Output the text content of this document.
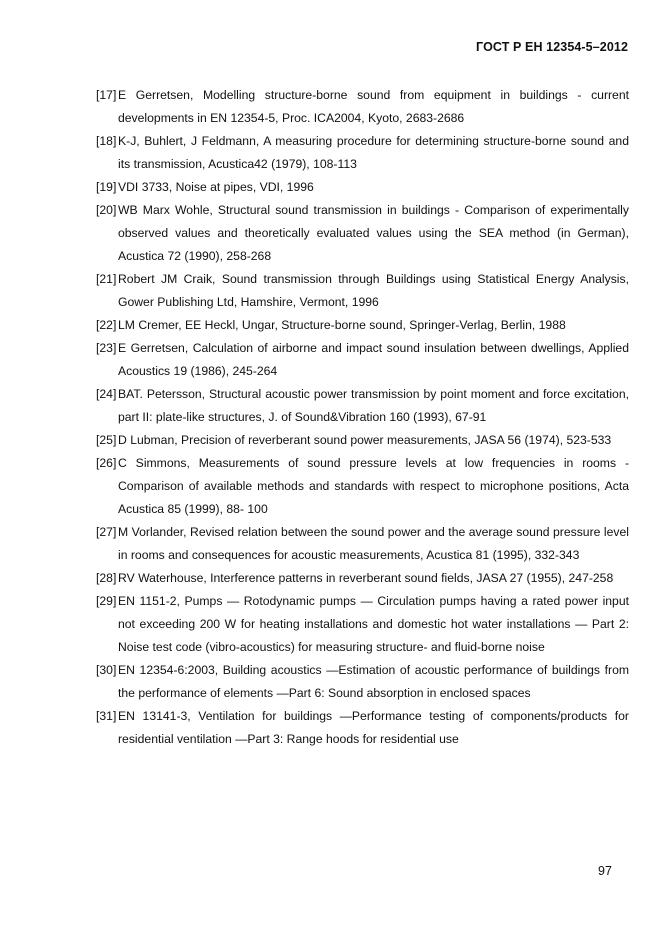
ГОСТ Р ЕН 12354-5–2012
[17] E Gerretsen, Modelling structure-borne sound from equipment in buildings - current developments in EN 12354-5, Proc. ICA2004, Kyoto, 2683-2686
[18] K-J, Buhlert, J Feldmann, A measuring procedure for determining structure-borne sound and its transmission, Acustica42 (1979), 108-113
[19] VDI 3733, Noise at pipes, VDI, 1996
[20] WB Marx Wohle, Structural sound transmission in buildings - Comparison of experimentally observed values and theoretically evaluated values using the SEA method (in German), Acustica 72 (1990), 258-268
[21] Robert JM Craik, Sound transmission through Buildings using Statistical Energy Analysis, Gower Publishing Ltd, Hamshire, Vermont, 1996
[22] LM Cremer, EE Heckl, Ungar, Structure-borne sound, Springer-Verlag, Berlin, 1988
[23] E Gerretsen, Calculation of airborne and impact sound insulation between dwellings, Applied Acoustics 19 (1986), 245-264
[24] BAT. Petersson, Structural acoustic power transmission by point moment and force excitation, part II: plate-like structures, J. of Sound&Vibration 160 (1993), 67-91
[25] D Lubman, Precision of reverberant sound power measurements, JASA 56 (1974), 523-533
[26] C Simmons, Measurements of sound pressure levels at low frequencies in rooms - Comparison of available methods and standards with respect to microphone positions, Acta Acustica 85 (1999), 88- 100
[27] M Vorlander, Revised relation between the sound power and the average sound pressure level in rooms and consequences for acoustic measurements, Acustica 81 (1995), 332-343
[28] RV Waterhouse, Interference patterns in reverberant sound fields, JASA 27 (1955), 247-258
[29] EN 1151-2, Pumps — Rotodynamic pumps — Circulation pumps having a rated power input not exceeding 200 W for heating installations and domestic hot water installations — Part 2: Noise test code (vibro-acoustics) for measuring structure- and fluid-borne noise
[30] EN 12354-6:2003, Building acoustics —Estimation of acoustic performance of buildings from the performance of elements —Part 6: Sound absorption in enclosed spaces
[31] EN 13141-3, Ventilation for buildings —Performance testing of components/products for residential ventilation —Part 3: Range hoods for residential use
97
